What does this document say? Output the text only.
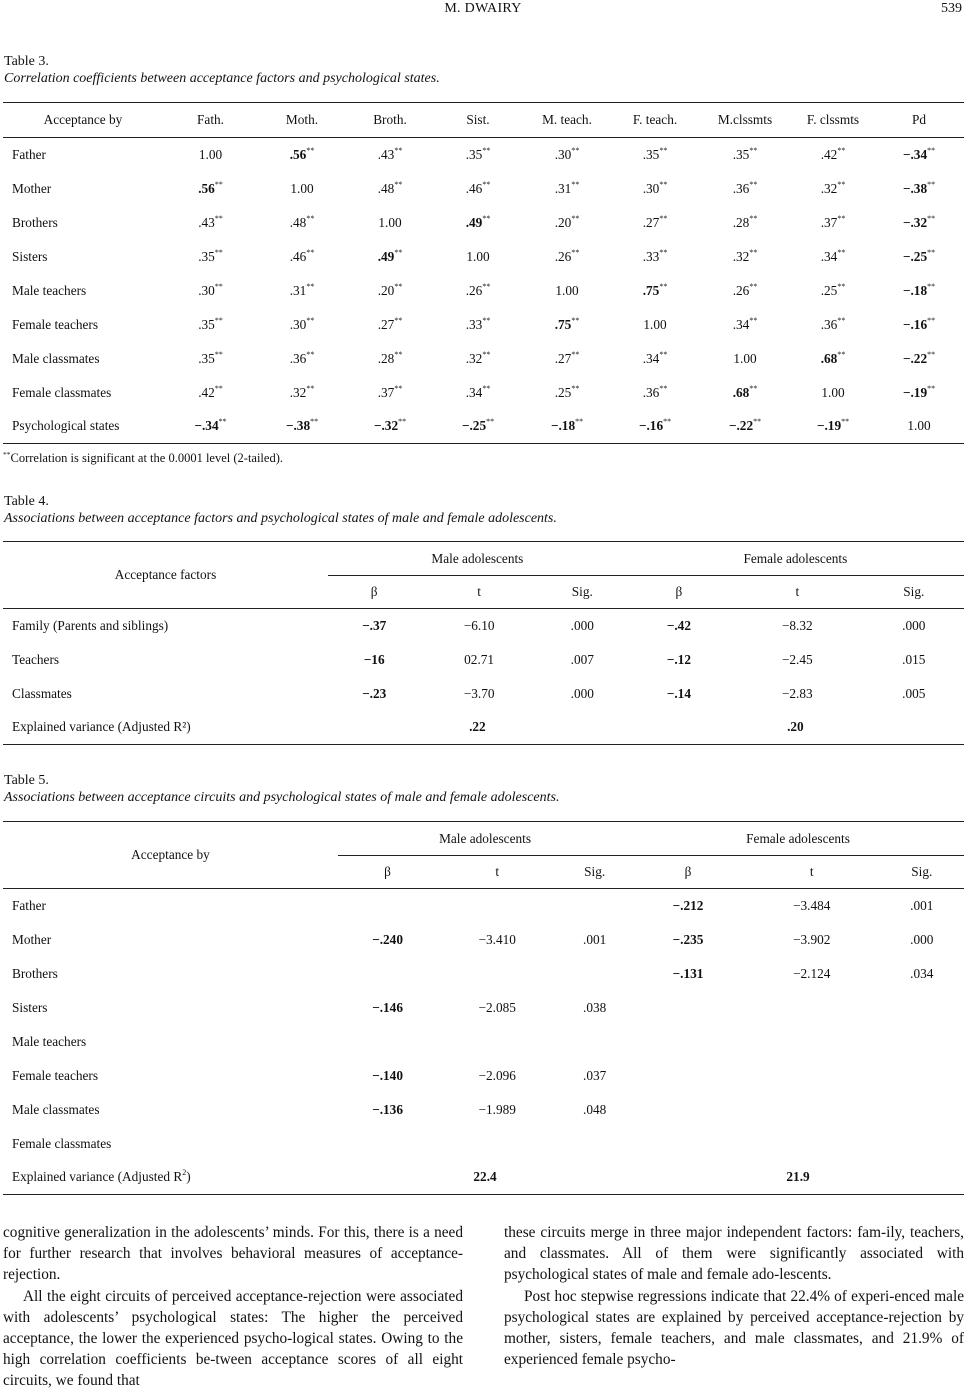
M. DWAIRY	539
Table 3.
Correlation coefficients between acceptance factors and psychological states.
Acceptance by	Fath.	Moth.	Broth.	Sist.	M. teach.	F. teach.	M.clssmts	F. clssmts	Pd
Father	1.00	.56**	.43**	.35**	.30**	.35**	.35**	.42**	−.34**
Mother	.56**	1.00	.48**	.46**	.31**	.30**	.36**	.32**	−.38**
Brothers	.43**	.48**	1.00	.49**	.20**	.27**	.28**	.37**	−.32**
Sisters	.35**	.46**	.49**	1.00	.26**	.33**	.32**	.34**	−.25**
Male teachers	.30**	.31**	.20**	.26**	1.00	.75**	.26**	.25**	−.18**
Female teachers	.35**	.30**	.27**	.33**	.75**	1.00	.34**	.36**	−.16**
Male classmates	.35**	.36**	.28**	.32**	.27**	.34**	1.00	.68**	−.22**
Female classmates	.42**	.32**	.37**	.34**	.25**	.36**	.68**	1.00	−.19**
Psychological states	−.34**	−.38**	−.32**	−.25**	−.18**	−.16**	−.22**	−.19**	1.00
**Correlation is significant at the 0.0001 level (2-tailed).
Table 4.
Associations between acceptance factors and psychological states of male and female adolescents.
Acceptance factors	Male adolescents			Female adolescents		
	β	t	Sig.	β	t	Sig.
Family (Parents and siblings)	−.37	−6.10	.000	−.42	−8.32	.000
Teachers	−16	02.71	.007	−.12	−2.45	.015
Classmates	−.23	−3.70	.000	−.14	−2.83	.005
Explained variance (Adjusted R²)	.22			.20		
Table 5.
Associations between acceptance circuits and psychological states of male and female adolescents.
Acceptance by	Male adolescents			Female adolescents		
	β	t	Sig.	β	t	Sig.
Father				−.212	−3.484	.001
Mother	−.240	−3.410	.001	−.235	−3.902	.000
Brothers				−.131	−2.124	.034
Sisters	−.146	−2.085	.038			
Male teachers						
Female teachers	−.140	−2.096	.037			
Male classmates	−.136	−1.989	.048			
Female classmates						
Explained variance (Adjusted $R^2$)	22.4			21.9		

cognitive generalization in the adolescents’ minds. For this, there is a need for further research that involves behavioral measures of acceptance-rejection.

All the eight circuits of perceived acceptance-rejection were associated with adolescents’ psychological states: The higher the perceived acceptance, the lower the experienced psycho-logical states. Owing to the high correlation coefficients be-tween acceptance scores of all eight circuits, we found that

these circuits merge in three major independent factors: fam-ily, teachers, and classmates. All of them were significantly associated with psychological states of male and female ado-lescents.

Post hoc stepwise regressions indicate that 22.4% of experi-enced male psychological states are explained by perceived acceptance-rejection by mother, sisters, female teachers, and male classmates, and 21.9% of experienced female psycho-
